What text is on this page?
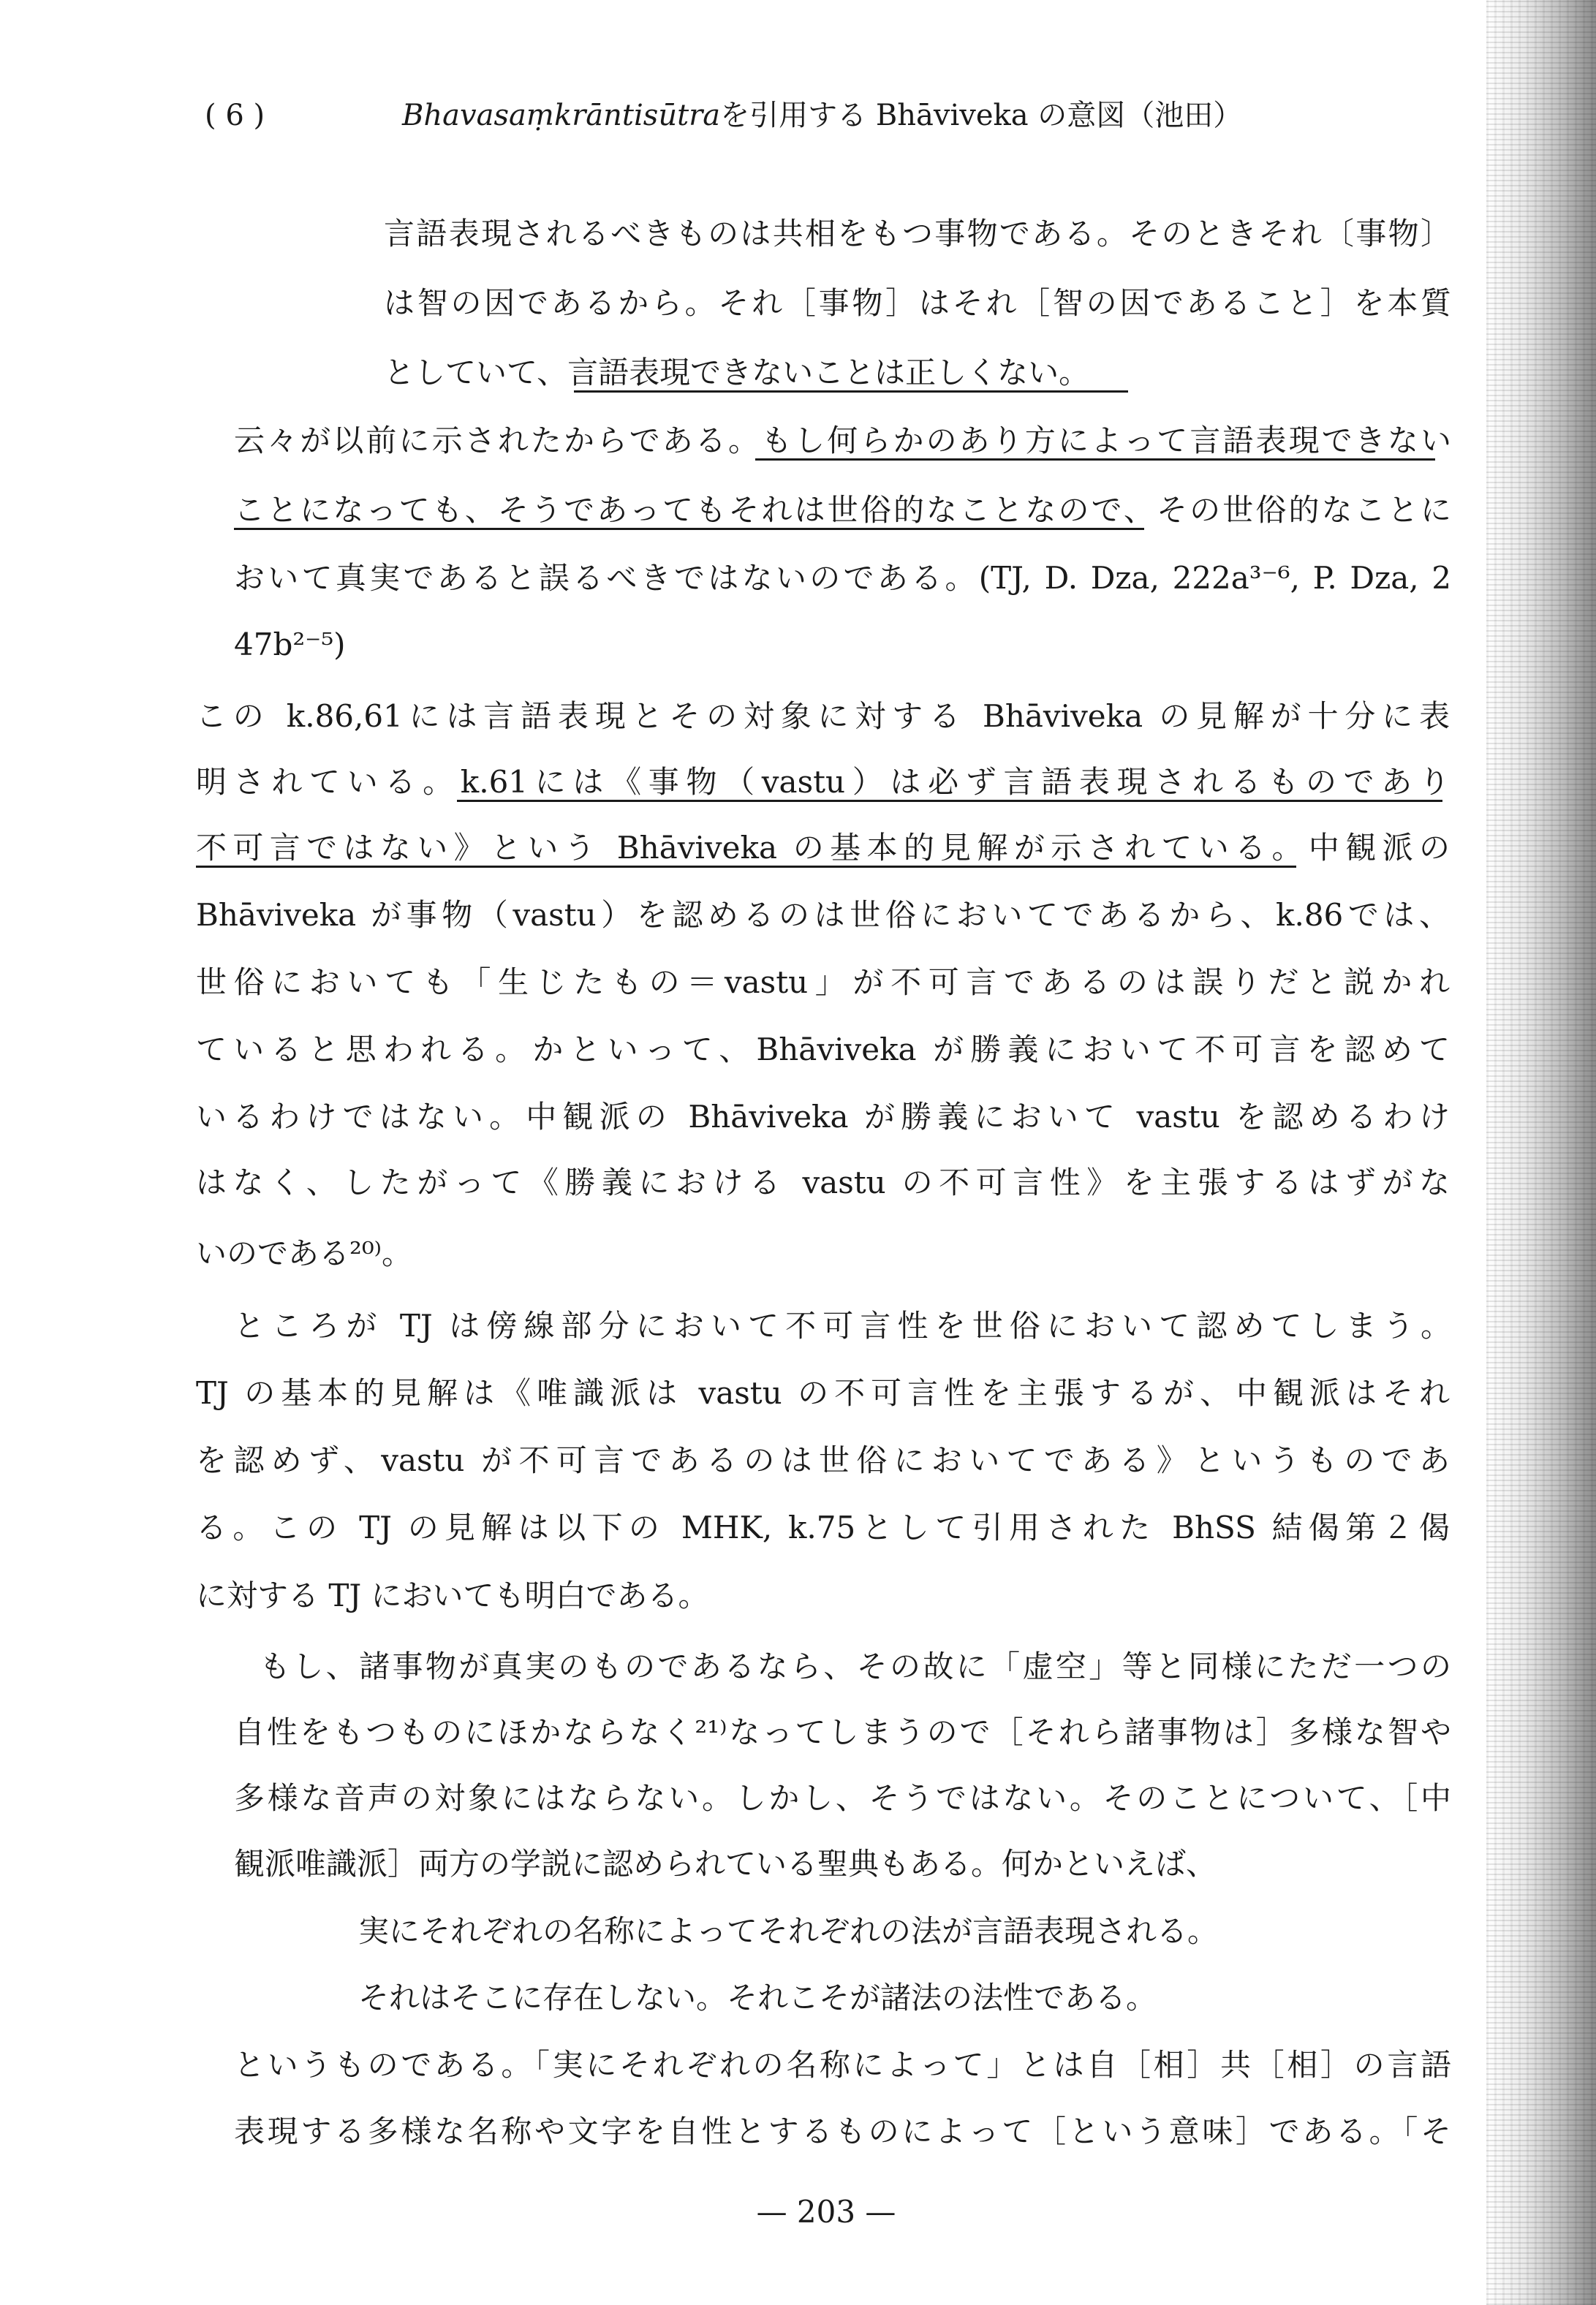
( 6 )	Bhavasaṃkrāntisūtraを引用する Bhāviveka の意図（池田）
言語表現されるべきものは共相をもつ事物である。そのときそれ〔事物〕
は智の因であるから。それ［事物］はそれ［智の因であること］を本質
としていて、言語表現できないことは正しくない。
云々が以前に示されたからである。もし何らかのあり方によって言語表現できない
ことになっても、そうであってもそれは世俗的なことなので、その世俗的なことに
おいて真実であると誤るべきではないのである。(TJ, D. Dza, 222a³⁻⁶, P. Dza, 2
47b²⁻⁵)
この k.86,61には言語表現とその対象に対する Bhāviveka の見解が十分に表
明されている。k.61には《事物（vastu）は必ず言語表現されるものであり
不可言ではない》という Bhāviveka の基本的見解が示されている。中観派の
Bhāviveka が事物（vastu）を認めるのは世俗においてであるから、k.86では、
世俗においても「生じたもの＝vastu」が不可言であるのは誤りだと説かれ
ていると思われる。かといって、Bhāviveka が勝義において不可言を認めて
いるわけではない。中観派の Bhāviveka が勝義において vastu を認めるわけ
はなく、したがって《勝義における vastu の不可言性》を主張するはずがな
いのである²⁰⁾。
ところが TJ は傍線部分において不可言性を世俗において認めてしまう。
TJ の基本的見解は《唯識派は vastu の不可言性を主張するが、中観派はそれ
を認めず、vastu が不可言であるのは世俗においてである》というものであ
る。この TJ の見解は以下の MHK, k.75として引用された BhSS 結偈第２偈
に対する TJ においても明白である。
もし、諸事物が真実のものであるなら、その故に「虚空」等と同様にただ一つの
自性をもつものにほかならなく²¹⁾なってしまうので［それら諸事物は］多様な智や
多様な音声の対象にはならない。しかし、そうではない。そのことについて、［中
観派唯識派］両方の学説に認められている聖典もある。何かといえば、
実にそれぞれの名称によってそれぞれの法が言語表現される。
それはそこに存在しない。それこそが諸法の法性である。
というものである。「実にそれぞれの名称によって」とは自［相］共［相］の言語
表現する多様な名称や文字を自性とするものによって［という意味］である。「そ
— 203 —
